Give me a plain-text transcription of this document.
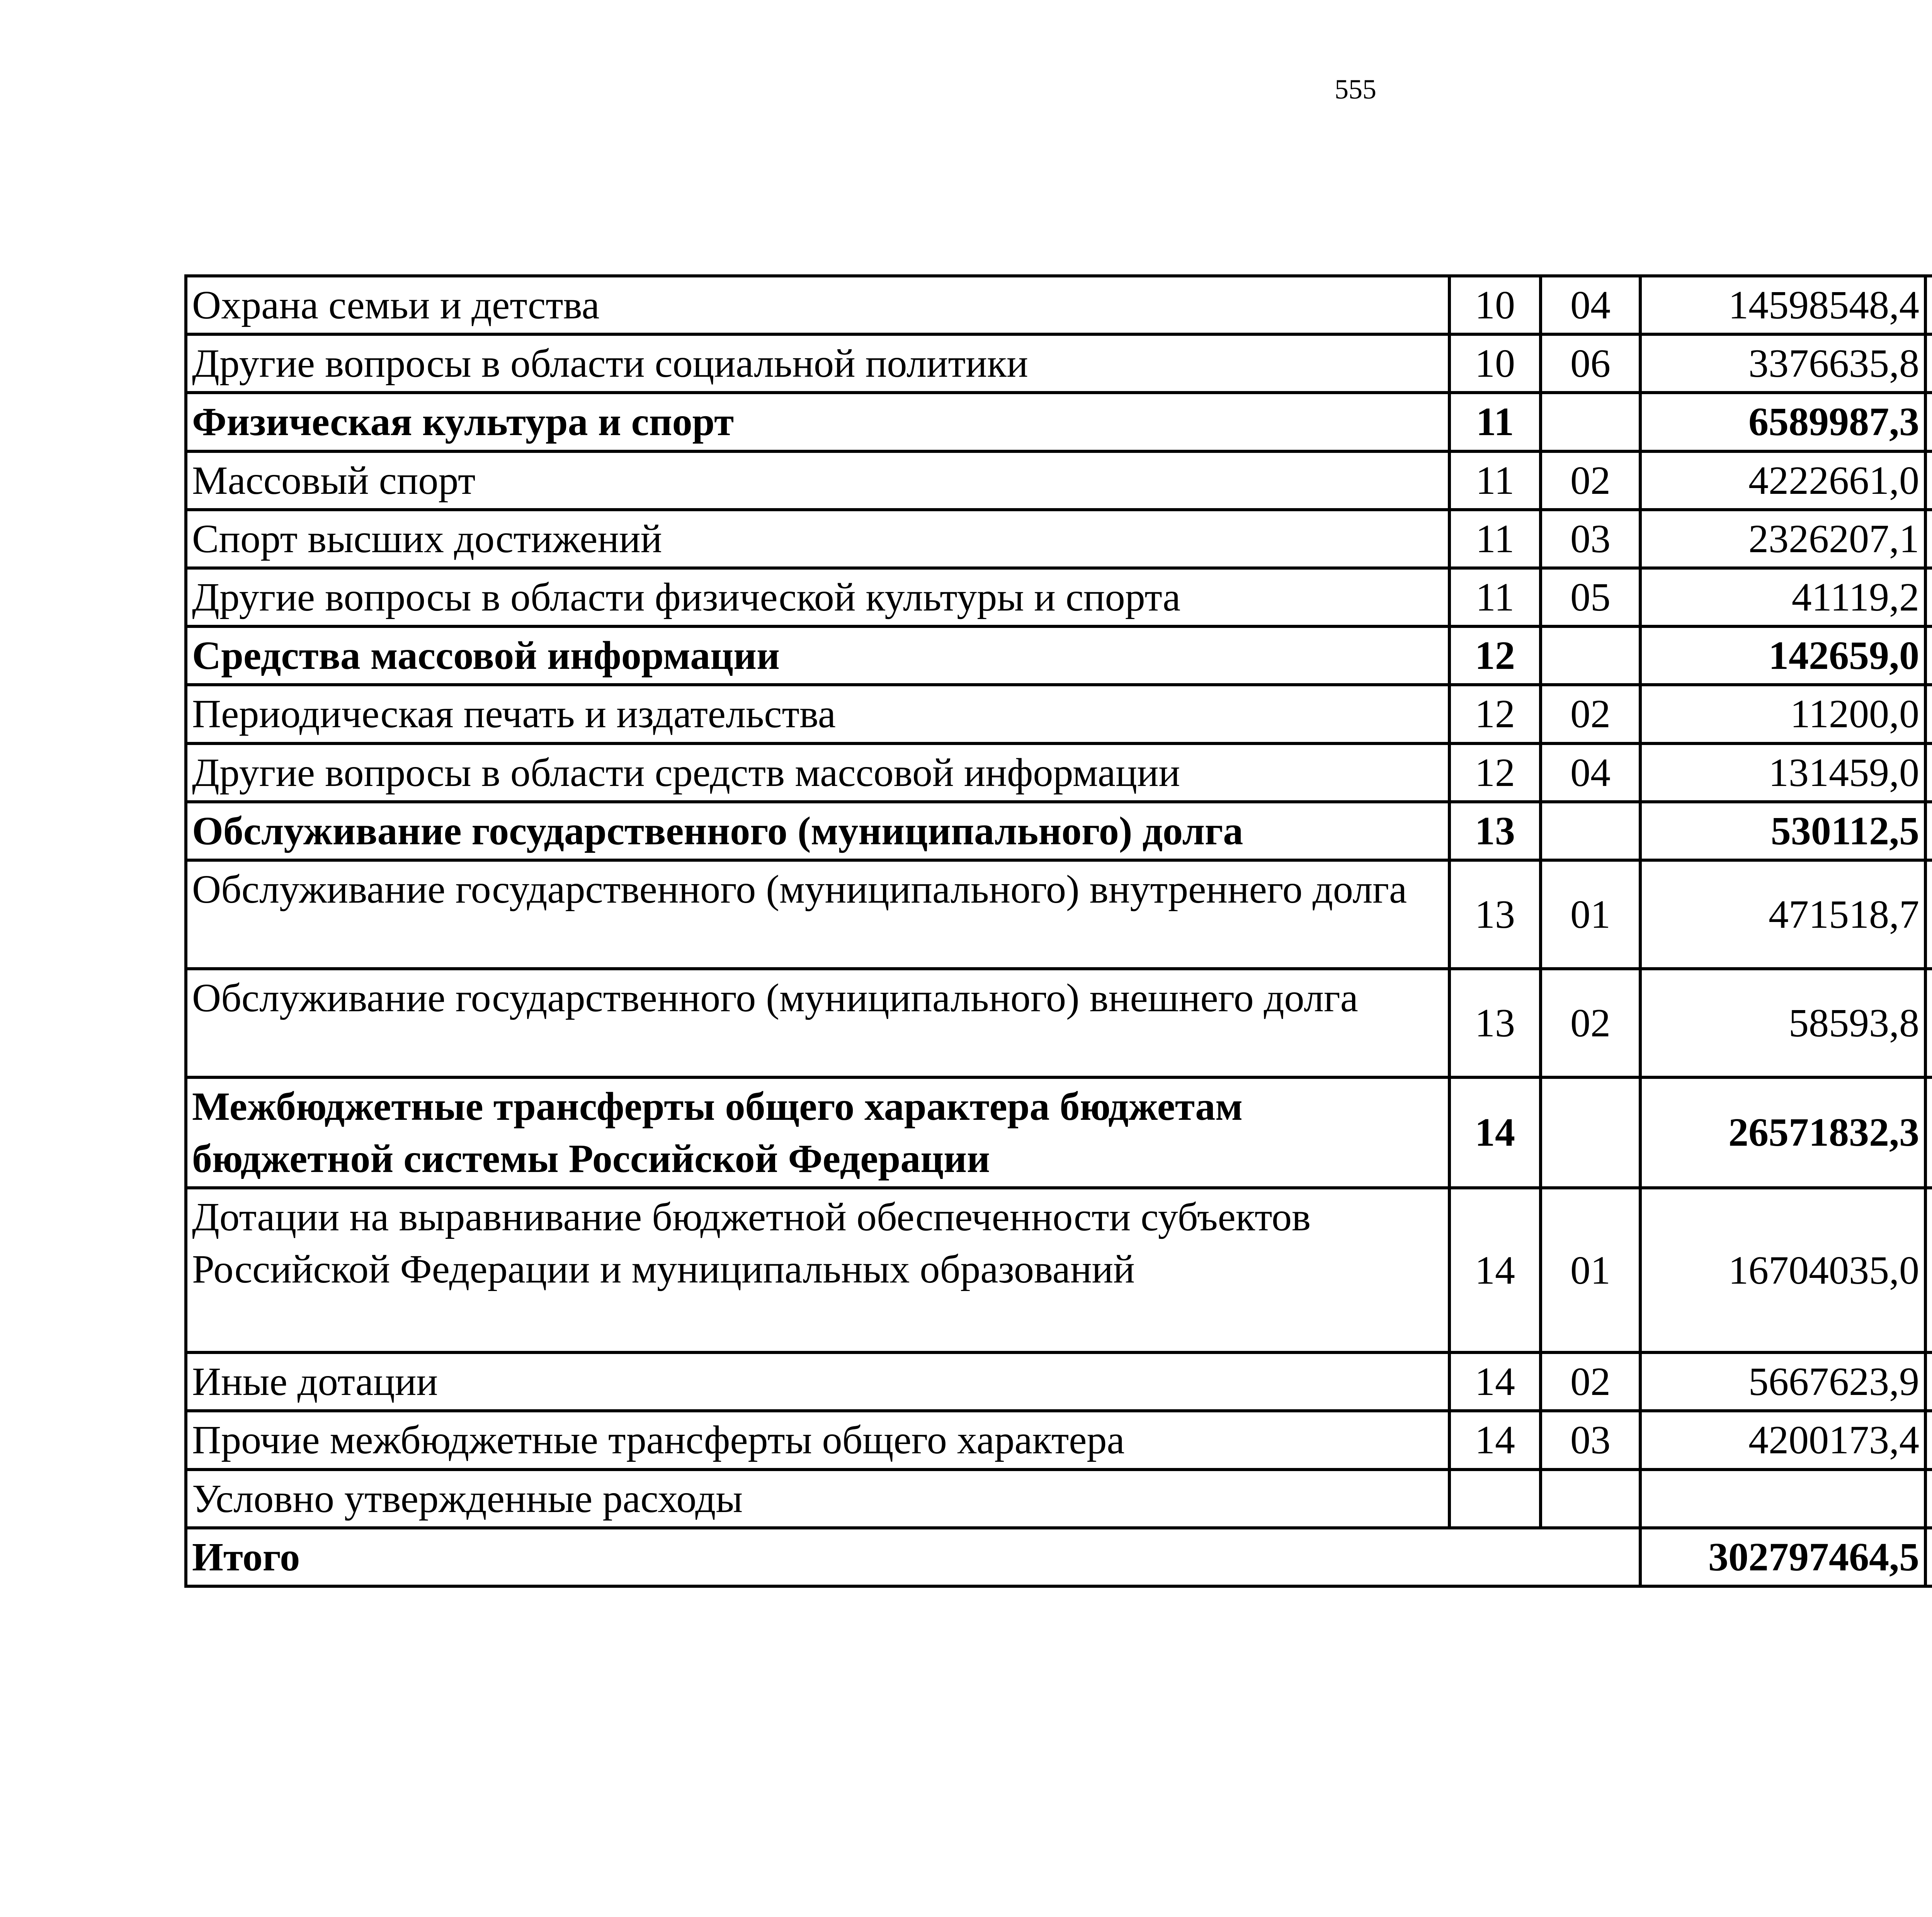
555
Охрана семьи и детства	10	04	14598548,4		
Другие вопросы в области социальной политики	10	06	3376635,8		
Физическая культура и спорт	11		6589987,3		
Массовый спорт	11	02	4222661,0		
Спорт высших достижений	11	03	2326207,1		
Другие вопросы в области физической культуры и спорта	11	05	41119,2		
Средства массовой информации	12		142659,0		
Периодическая печать и издательства	12	02	11200,0		
Другие вопросы в области средств массовой информации	12	04	131459,0		
Обслуживание государственного (муниципального) долга	13		530112,5		
Обслуживание государственного (муниципального) внутреннего долга	13	01	471518,7		
Обслуживание государственного (муниципального) внешнего долга	13	02	58593,8		
Межбюджетные трансферты общего характера бюджетам бюджетной системы Российской Федерации	14		26571832,3		
Дотации на выравнивание бюджетной обеспеченности субъектов Российской Федерации и муниципальных образований	14	01	16704035,0		
Иные дотации	14	02	5667623,9		
Прочие межбюджетные трансферты общего характера	14	03	4200173,4		
Условно утвержденные расходы					
Итого			302797464,5		
